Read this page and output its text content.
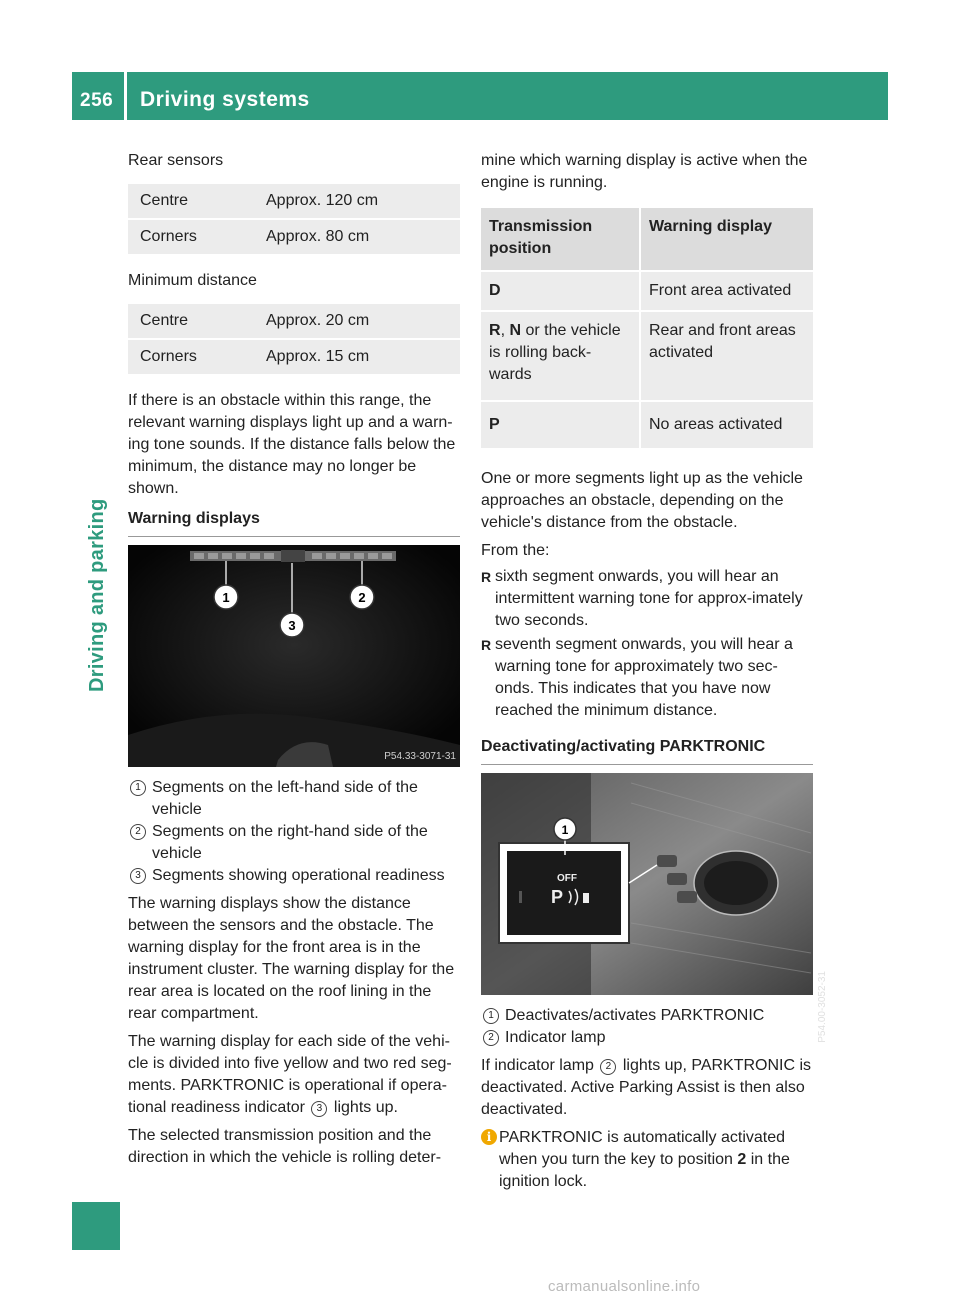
256 Driving systems
Driving and parking

Rear sensors

Centre	Approx. 120 cm
Corners	Approx. 80 cm

Minimum distance

Centre	Approx. 20 cm
Corners	Approx. 15 cm

If there is an obstacle within this range, the relevant warning displays light up and a warn-ing tone sounds. If the distance falls below the minimum, the distance may no longer be shown.

Warning displays
1	2
3
P54.33-3071-31
1 Segments on the left-hand side of the vehicle
2 Segments on the right-hand side of the vehicle
3 Segments showing operational readiness

The warning displays show the distance between the sensors and the obstacle. The warning display for the front area is in the instrument cluster. The warning display for the rear area is located on the roof lining in the rear compartment.

The warning display for each side of the vehi-cle is divided into five yellow and two red seg-ments. PARKTRONIC is operational if opera-tional readiness indicator 3 lights up.

The selected transmission position and the direction in which the vehicle is rolling deter-

mine which warning display is active when the engine is running.

Transmission position	Warning display
D	Front area activated
R, N or the vehicle is rolling back-wards	Rear and front areas activated
P	No areas activated

One or more segments light up as the vehicle approaches an obstacle, depending on the vehicle's distance from the obstacle.

From the:

R sixth segment onwards, you will hear an intermittent warning tone for approx-imately two seconds.
R seventh segment onwards, you will hear a warning tone for approximately two sec-onds. This indicates that you have now reached the minimum distance.
Deactivating/activating PARKTRONIC
1
OFF
P
P54.00-3052-31
1 Deactivates/activates PARKTRONIC
2 Indicator lamp

If indicator lamp 2 lights up, PARKTRONIC is deactivated. Active Parking Assist is then also deactivated.

i PARKTRONIC is automatically activated when you turn the key to position 2 in the ignition lock.
carmanualsonline.info
